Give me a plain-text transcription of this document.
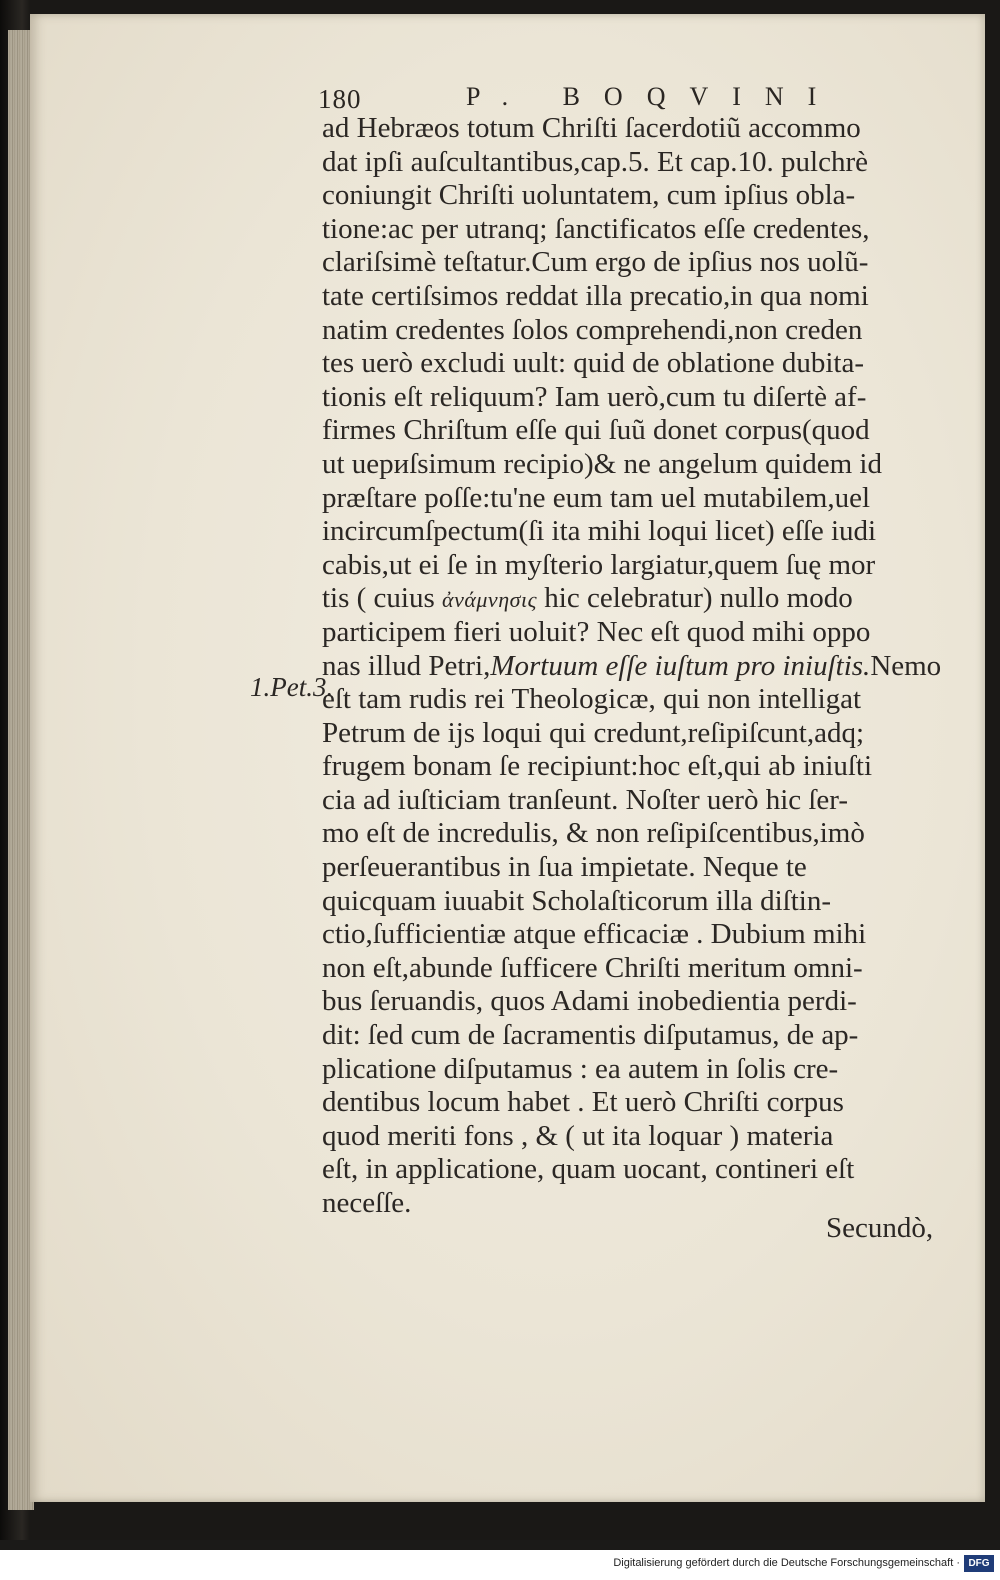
180	P. BOQVINI
1.Pet.3.
ad Hebræos totum Chriſti ſacerdotiũ accommo
dat ipſi auſcultantibus,cap.5. Et cap.10. pulchrè
coniungit Chriſti uoluntatem, cum ipſius obla-
tione:ac per utranq; ſanctificatos eſſe credentes,
clariſsimè teſtatur.Cum ergo de ipſius nos uolũ-
tate certiſsimos reddat illa precatio,in qua nomi
natim credentes ſolos comprehendi,non creden
tes uerò excludi uult: quid de oblatione dubita-
tionis eſt reliquum? Iam uerò,cum tu diſertè af-
firmes Chriſtum eſſe qui ſuũ donet corpus(quod
ut uериſsimum recipio)& ne angelum quidem id
præſtare poſſe:tu'ne eum tam uel mutabilem,uel
incircumſpectum(ſi ita mihi loqui licet) eſſe iudi
cabis,ut ei ſe in myſterio largiatur,quem ſuę mor
tis ( cuius ἀνάμνησις hic celebratur) nullo modo
participem fieri uoluit? Nec eſt quod mihi oppo
nas illud Petri,Mortuum eſſe iuſtum pro iniuſtis.Nemo
eſt tam rudis rei Theologicæ, qui non intelligat
Petrum de ijs loqui qui credunt,reſipiſcunt,adq;
frugem bonam ſe recipiunt:hoc eſt,qui ab iniuſti
cia ad iuſticiam tranſeunt. Noſter uerò hic ſer-
mo eſt de incredulis, & non reſipiſcentibus,imò
perſeuerantibus in ſua impietate. Neque te
quicquam iuuabit Scholaſticorum illa diſtin-
ctio,ſufficientiæ atque efficaciæ . Dubium mihi
non eſt,abunde ſufficere Chriſti meritum omni-
bus ſeruandis, quos Adami inobedientia perdi-
dit: ſed cum de ſacramentis diſputamus, de ap-
plicatione diſputamus : ea autem in ſolis cre-
dentibus locum habet . Et uerò Chriſti corpus
quod meriti fons , & ( ut ita loquar ) materia
eſt, in applicatione, quam uocant, contineri eſt
neceſſe.
Secundò,
Digitalisierung gefördert durch die Deutsche Forschungsgemeinschaft · DFG
